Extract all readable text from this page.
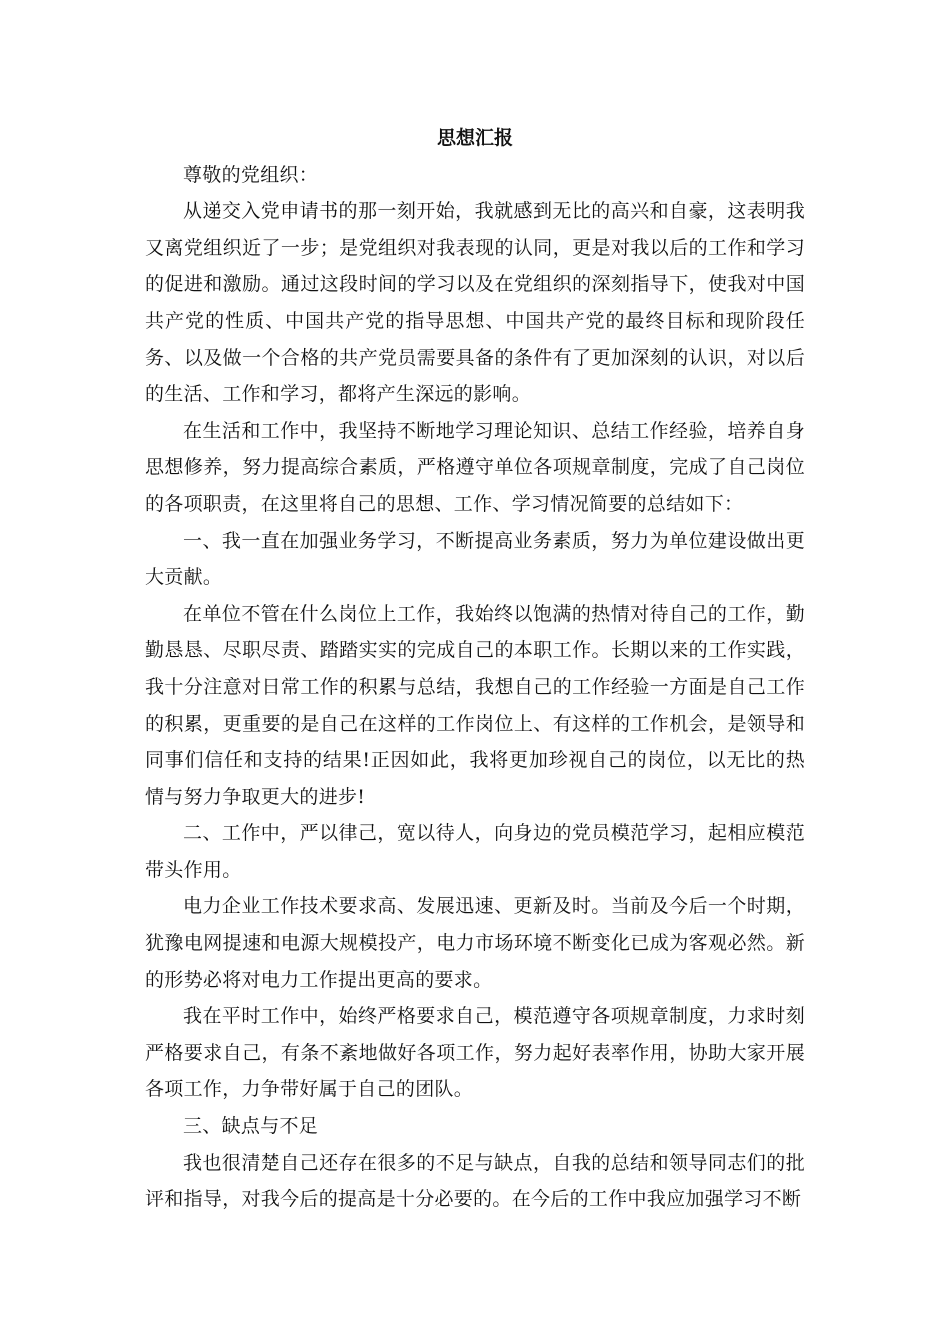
思想汇报

尊敬的党组织：

从递交入党申请书的那一刻开始，我就感到无比的高兴和自豪，这表明我又离党组织近了一步；是党组织对我表现的认同，更是对我以后的工作和学习的促进和激励。通过这段时间的学习以及在党组织的深刻指导下，使我对中国共产党的性质、中国共产党的指导思想、中国共产党的最终目标和现阶段任务、以及做一个合格的共产党员需要具备的条件有了更加深刻的认识，对以后的生活、工作和学习，都将产生深远的影响。

在生活和工作中，我坚持不断地学习理论知识、总结工作经验，培养自身思想修养，努力提高综合素质，严格遵守单位各项规章制度，完成了自己岗位的各项职责，在这里将自己的思想、工作、学习情况简要的总结如下：

一、我一直在加强业务学习，不断提高业务素质，努力为单位建设做出更大贡献。

在单位不管在什么岗位上工作，我始终以饱满的热情对待自己的工作，勤勤恳恳、尽职尽责、踏踏实实的完成自己的本职工作。长期以来的工作实践，我十分注意对日常工作的积累与总结，我想自己的工作经验一方面是自己工作的积累，更重要的是自己在这样的工作岗位上、有这样的工作机会，是领导和同事们信任和支持的结果!正因如此，我将更加珍视自己的岗位，以无比的热情与努力争取更大的进步!

二、工作中，严以律己，宽以待人，向身边的党员模范学习，起相应模范带头作用。

电力企业工作技术要求高、发展迅速、更新及时。当前及今后一个时期，犹豫电网提速和电源大规模投产，电力市场环境不断变化已成为客观必然。新的形势必将对电力工作提出更高的要求。

我在平时工作中，始终严格要求自己，模范遵守各项规章制度，力求时刻严格要求自己，有条不紊地做好各项工作，努力起好表率作用，协助大家开展各项工作，力争带好属于自己的团队。

三、缺点与不足

我也很清楚自己还存在很多的不足与缺点，自我的总结和领导同志们的批评和指导，对我今后的提高是十分必要的。在今后的工作中我应加强学习不断
